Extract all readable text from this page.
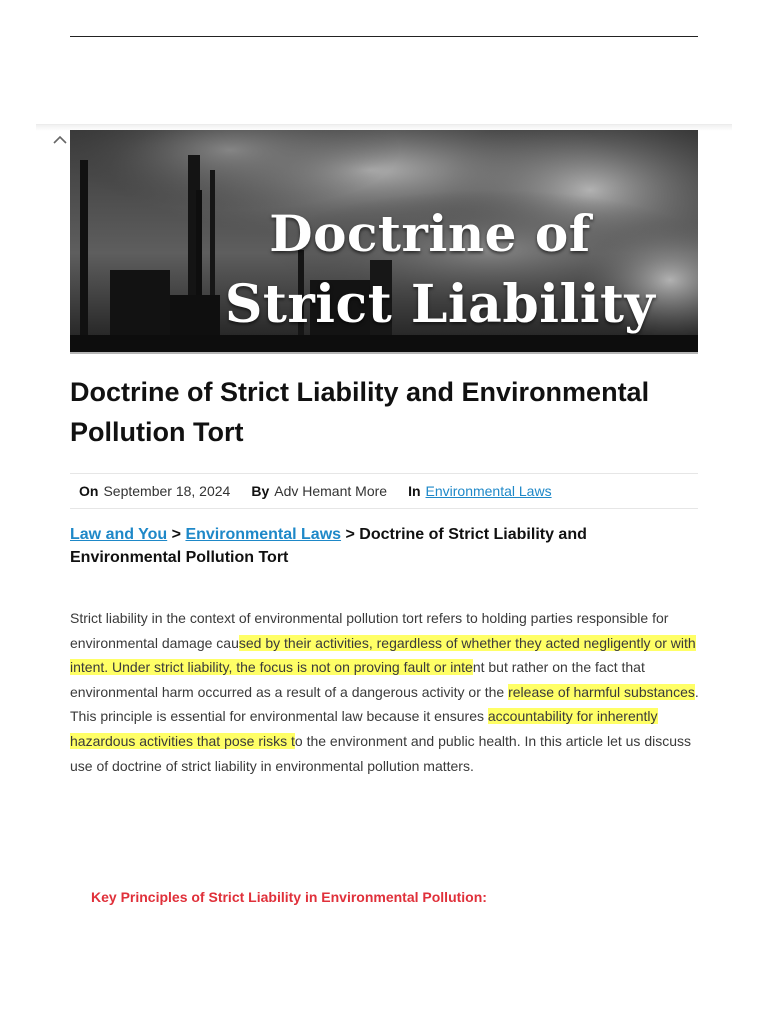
Doctrine of
Strict Liability
Doctrine of Strict Liability and Environmental Pollution Tort
On September 18, 2024 By Adv Hemant More In Environmental Laws
Law and You > Environmental Laws > Doctrine of Strict Liability and Environmental Pollution Tort

Strict liability in the context of environmental pollution tort refers to holding parties responsible for environmental damage caused by their activities, regardless of whether they acted negligently or with intent. Under strict liability, the focus is not on proving fault or intent but rather on the fact that environmental harm occurred as a result of a dangerous activity or the release of harmful substances. This principle is essential for environmental law because it ensures accountability for inherently hazardous activities that pose risks to the environment and public health. In this article let us discuss use of doctrine of strict liability in environmental pollution matters.

Key Principles of Strict Liability in Environmental Pollution:
